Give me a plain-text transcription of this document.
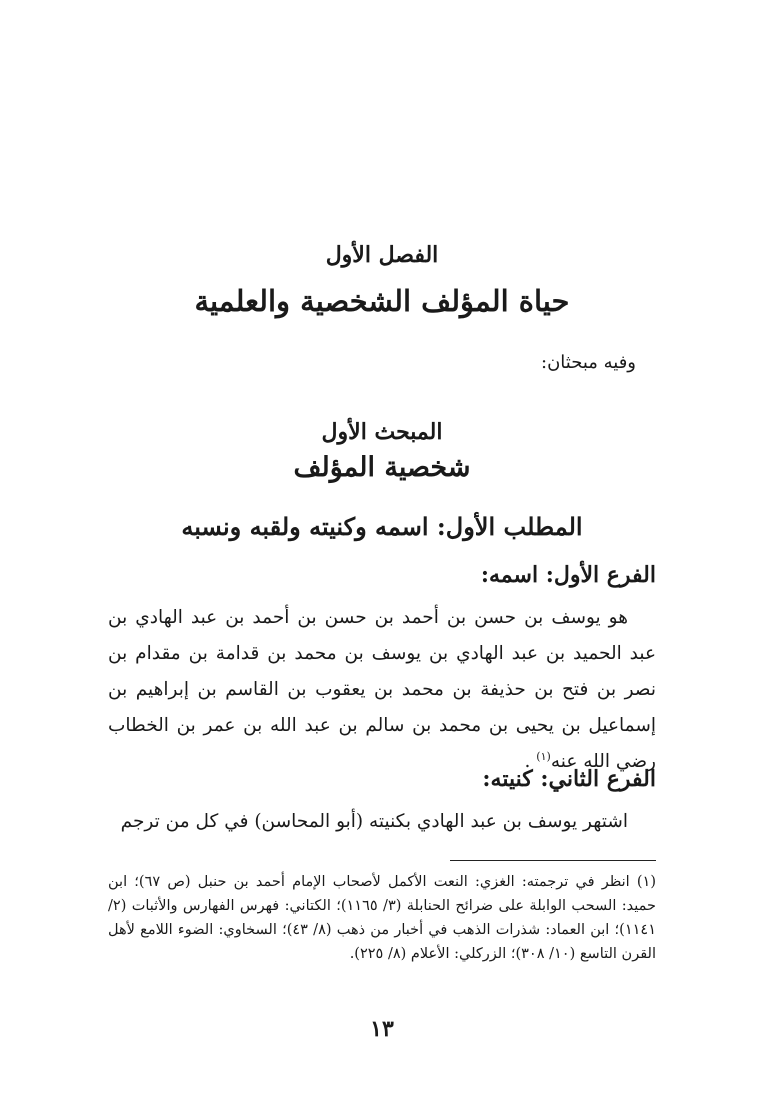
الفصل الأول
حياة المؤلف الشخصية والعلمية
وفيه مبحثان:
المبحث الأول
شخصية المؤلف
المطلب الأول: اسمه وكنيته ولقبه ونسبه
الفرع الأول: اسمه:

هو يوسف بن حسن بن أحمد بن حسن بن أحمد بن عبد الهادي بن عبد الحميد بن عبد الهادي بن يوسف بن محمد بن قدامة بن مقدام بن نصر بن فتح بن حذيفة بن محمد بن يعقوب بن القاسم بن إبراهيم بن إسماعيل بن يحيى بن محمد بن سالم بن عبد الله بن عمر بن الخطاب رضي الله عنه$^{(١)}$ .

الفرع الثاني: كنيته:

اشتهر يوسف بن عبد الهادي بكنيته (أبو المحاسن) في كل من ترجم

(١) انظر في ترجمته: الغزي: النعت الأكمل لأصحاب الإمام أحمد بن حنبل (ص ٦٧)؛ ابن حميد: السحب الوابلة على ضرائح الحنابلة (٣/ ١١٦٥)؛ الكتاني: فهرس الفهارس والأثبات (٢/ ١١٤١)؛ ابن العماد: شذرات الذهب في أخبار من ذهب (٨/ ٤٣)؛ السخاوي: الضوء اللامع لأهل القرن التاسع (١٠/ ٣٠٨)؛ الزركلي: الأعلام (٨/ ٢٢٥).

١٣
